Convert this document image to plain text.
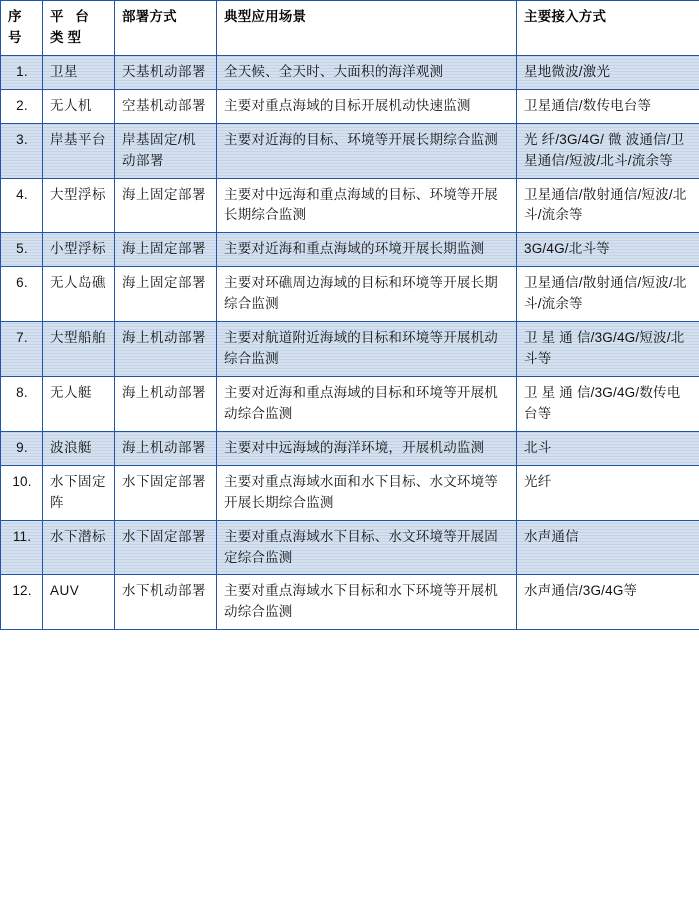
序 号	平 台 类型	部署方式	典型应用场景	主要接入方式

1.	卫星	天基机动部署	全天候、全天时、大面积的海洋观测	星地微波/激光

2.	无人机	空基机动部署	主要对重点海域的目标开展机动快速监测	卫星通信/数传电台等

3.	岸基平台	岸基固定/机动部署	主要对近海的目标、环境等开展长期综合监测	光 纤/3G/4G/ 微 波通信/卫星通信/短波/北斗/流余等

4.	大型浮标	海上固定部署	主要对中远海和重点海域的目标、环境等开展长期综合监测	卫星通信/散射通信/短波/北斗/流余等

5.	小型浮标	海上固定部署	主要对近海和重点海域的环境开展长期监测	3G/4G/北斗等

6.	无人岛礁	海上固定部署	主要对环礁周边海域的目标和环境等开展长期综合监测	卫星通信/散射通信/短波/北斗/流余等

7.	大型船舶	海上机动部署	主要对航道附近海域的目标和环境等开展机动综合监测	卫 星 通 信/3G/4G/短波/北斗等

8.	无人艇	海上机动部署	主要对近海和重点海域的目标和环境等开展机动综合监测	卫 星 通 信/3G/4G/数传电台等

9.	波浪艇	海上机动部署	主要对中远海域的海洋环境，开展机动监测	北斗

10.	水下固定阵	水下固定部署	主要对重点海域水面和水下目标、水文环境等开展长期综合监测	光纤

11.	水下潜标	水下固定部署	主要对重点海域水下目标、水文环境等开展固定综合监测	水声通信

12.	AUV	水下机动部署	主要对重点海域水下目标和水下环境等开展机动综合监测	水声通信/3G/4G等
